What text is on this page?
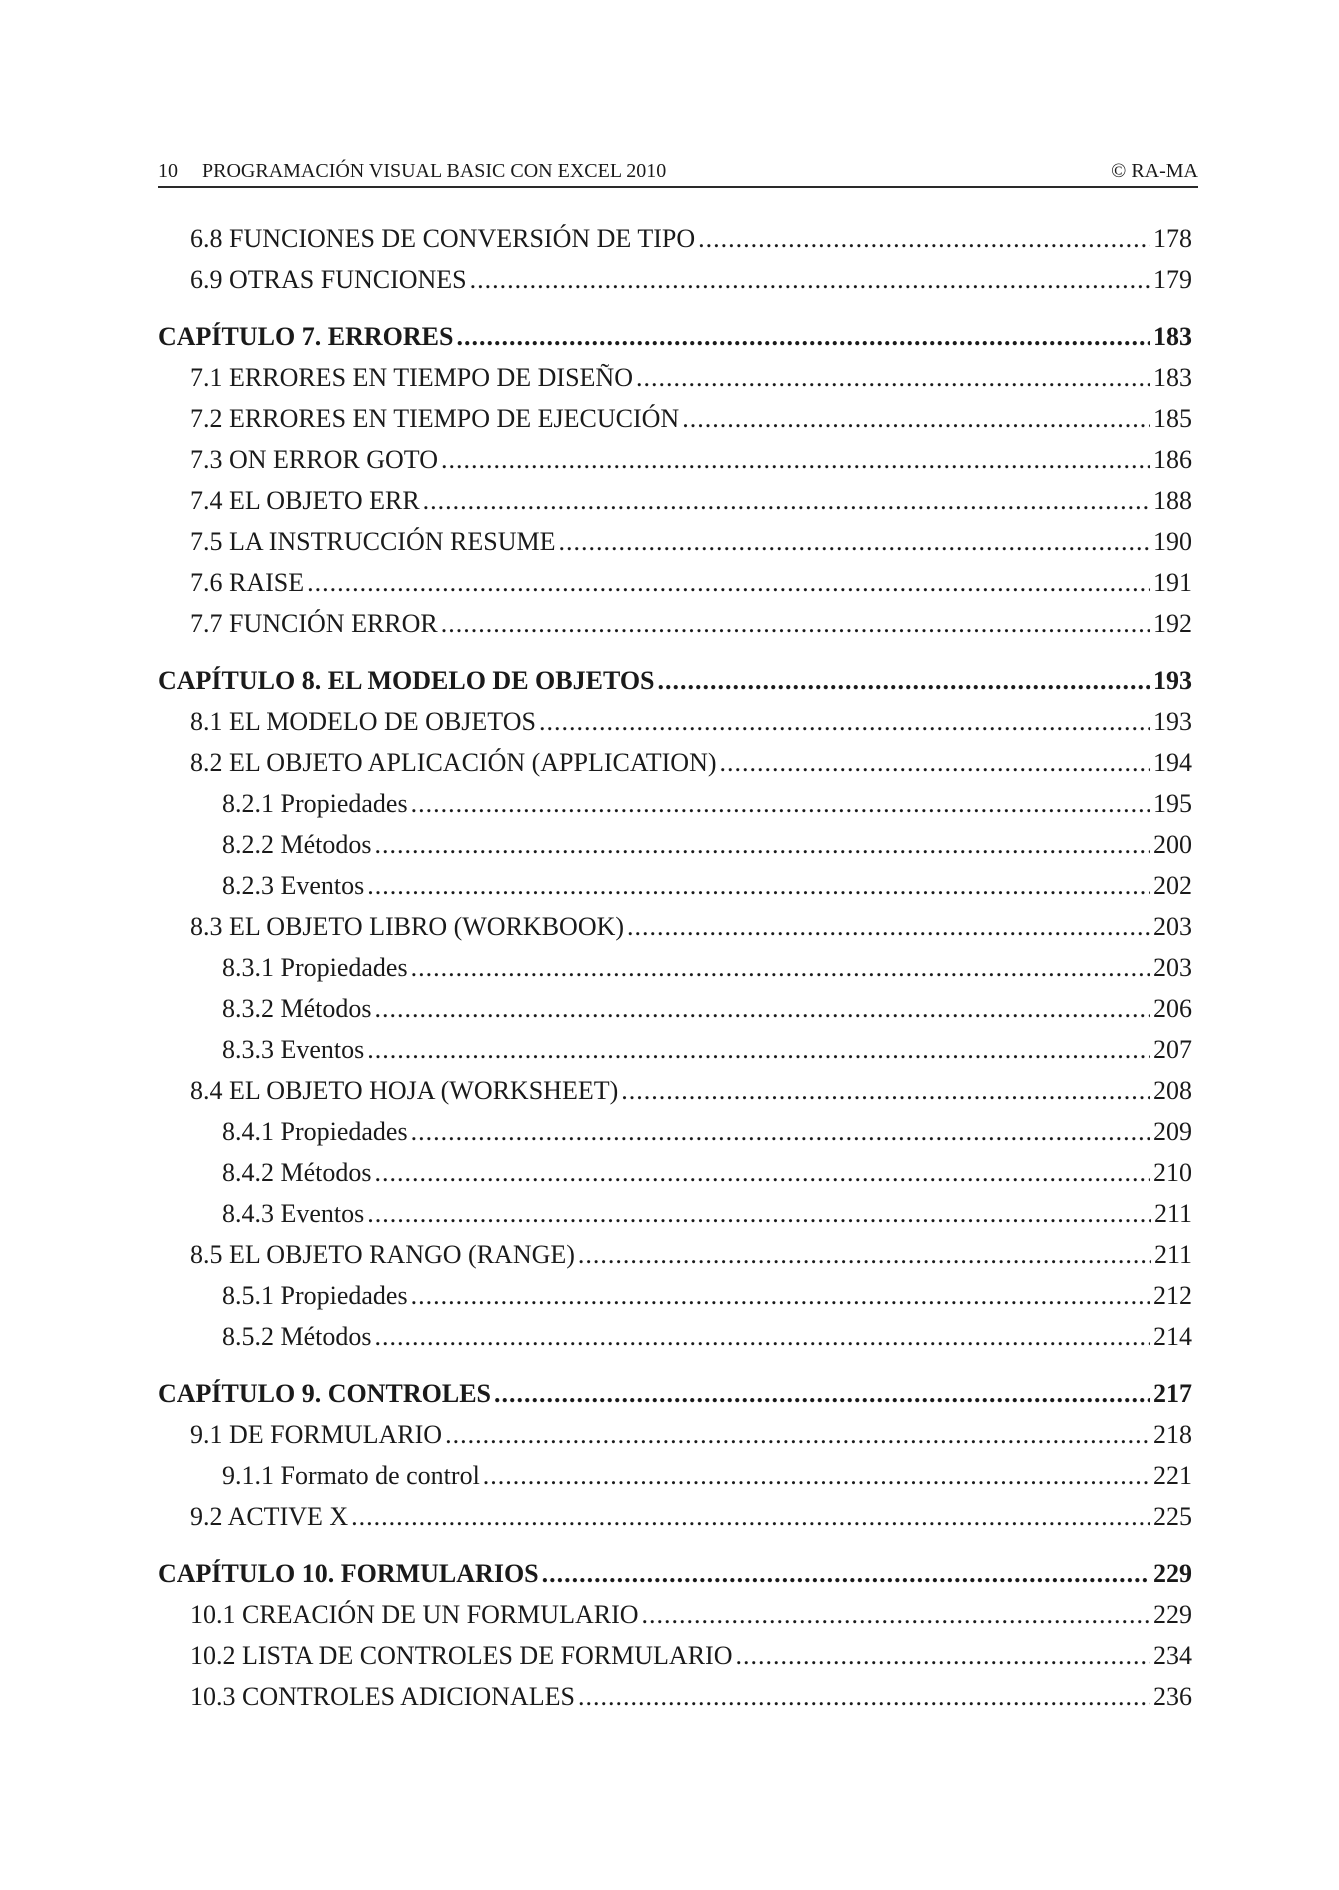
10 PROGRAMACIÓN VISUAL BASIC CON EXCEL 2010	© RA-MA
6.8 FUNCIONES DE CONVERSIÓN DE TIPO .....	178
6.9 OTRAS FUNCIONES .....	179
CAPÍTULO 7. ERRORES .....	183
7.1 ERRORES EN TIEMPO DE DISEÑO .....	183
7.2 ERRORES EN TIEMPO DE EJECUCIÓN .....	185
7.3 ON ERROR GOTO .....	186
7.4 EL OBJETO ERR .....	188
7.5 LA INSTRUCCIÓN RESUME .....	190
7.6 RAISE .....	191
7.7 FUNCIÓN ERROR .....	192
CAPÍTULO 8. EL MODELO DE OBJETOS .....	193
8.1 EL MODELO DE OBJETOS .....	193
8.2 EL OBJETO APLICACIÓN (APPLICATION) .....	194
8.2.1 Propiedades .....	195
8.2.2 Métodos .....	200
8.2.3 Eventos .....	202
8.3 EL OBJETO LIBRO (WORKBOOK) .....	203
8.3.1 Propiedades .....	203
8.3.2 Métodos .....	206
8.3.3 Eventos .....	207
8.4 EL OBJETO HOJA (WORKSHEET) .....	208
8.4.1 Propiedades .....	209
8.4.2 Métodos .....	210
8.4.3 Eventos .....	211
8.5 EL OBJETO RANGO (RANGE) .....	211
8.5.1 Propiedades .....	212
8.5.2 Métodos .....	214
CAPÍTULO 9. CONTROLES .....	217
9.1 DE FORMULARIO .....	218
9.1.1 Formato de control .....	221
9.2 ACTIVE X .....	225
CAPÍTULO 10. FORMULARIOS .....	229
10.1 CREACIÓN DE UN FORMULARIO .....	229
10.2 LISTA DE CONTROLES DE FORMULARIO .....	234
10.3 CONTROLES ADICIONALES .....	236
